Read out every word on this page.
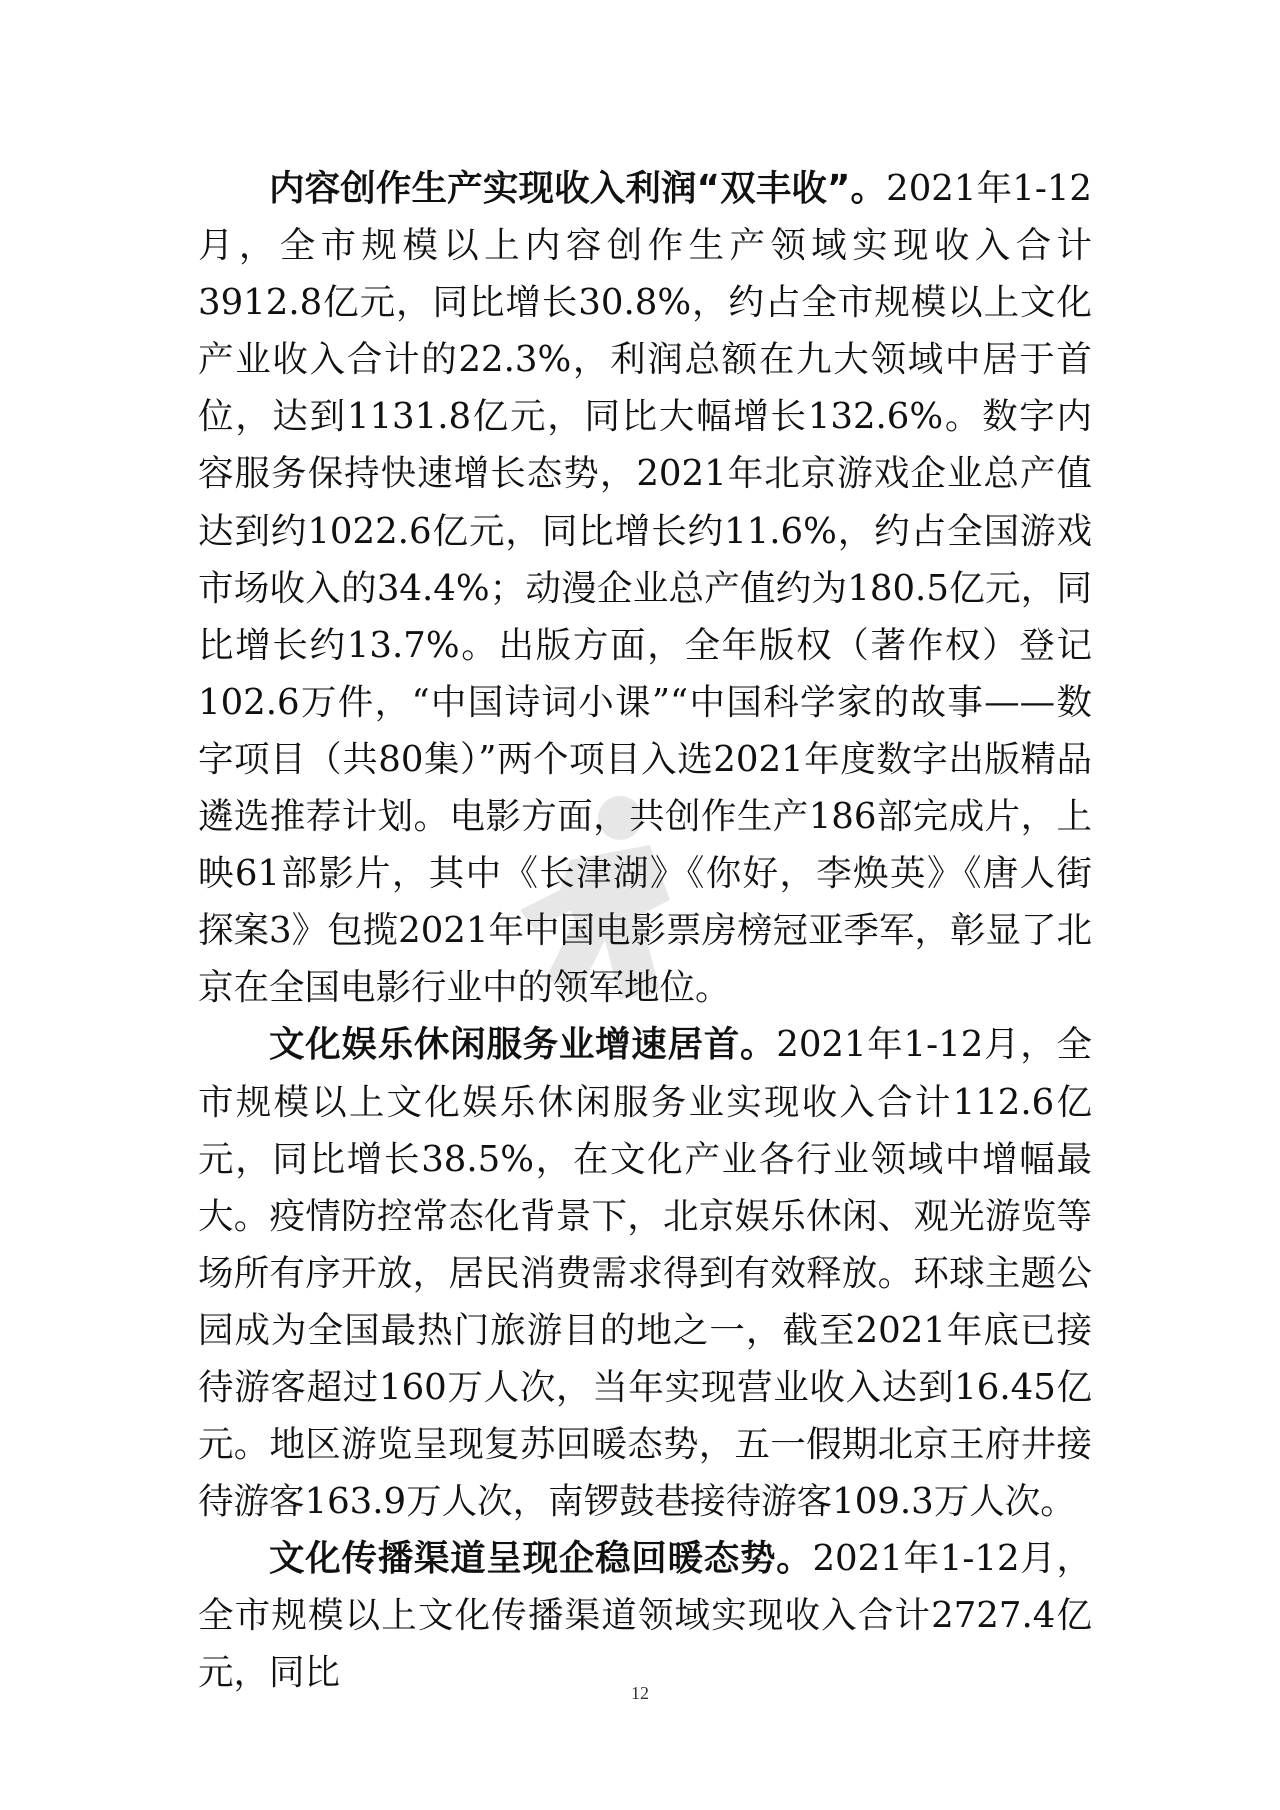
内容创作生产实现收入利润“双丰收”。2021年1-12月，全市规模以上内容创作生产领域实现收入合计3912.8亿元，同比增长30.8%，约占全市规模以上文化产业收入合计的22.3%，利润总额在九大领域中居于首位，达到1131.8亿元，同比大幅增长132.6%。数字内容服务保持快速增长态势，2021年北京游戏企业总产值达到约1022.6亿元，同比增长约11.6%，约占全国游戏市场收入的34.4%；动漫企业总产值约为180.5亿元，同比增长约13.7%。出版方面，全年版权（著作权）登记102.6万件，“中国诗词小课”“中国科学家的故事——数字项目（共80集）”两个项目入选2021年度数字出版精品遴选推荐计划。电影方面，共创作生产186部完成片，上映61部影片，其中《长津湖》《你好，李焕英》《唐人街探案3》包揽2021年中国电影票房榜冠亚季军，彰显了北京在全国电影行业中的领军地位。

文化娱乐休闲服务业增速居首。2021年1-12月，全市规模以上文化娱乐休闲服务业实现收入合计112.6亿元，同比增长38.5%，在文化产业各行业领域中增幅最大。疫情防控常态化背景下，北京娱乐休闲、观光游览等场所有序开放，居民消费需求得到有效释放。环球主题公园成为全国最热门旅游目的地之一，截至2021年底已接待游客超过160万人次，当年实现营业收入达到16.45亿元。地区游览呈现复苏回暖态势，五一假期北京王府井接待游客163.9万人次，南锣鼓巷接待游客109.3万人次。

文化传播渠道呈现企稳回暖态势。2021年1-12月，全市规模以上文化传播渠道领域实现收入合计2727.4亿元，同比	12
